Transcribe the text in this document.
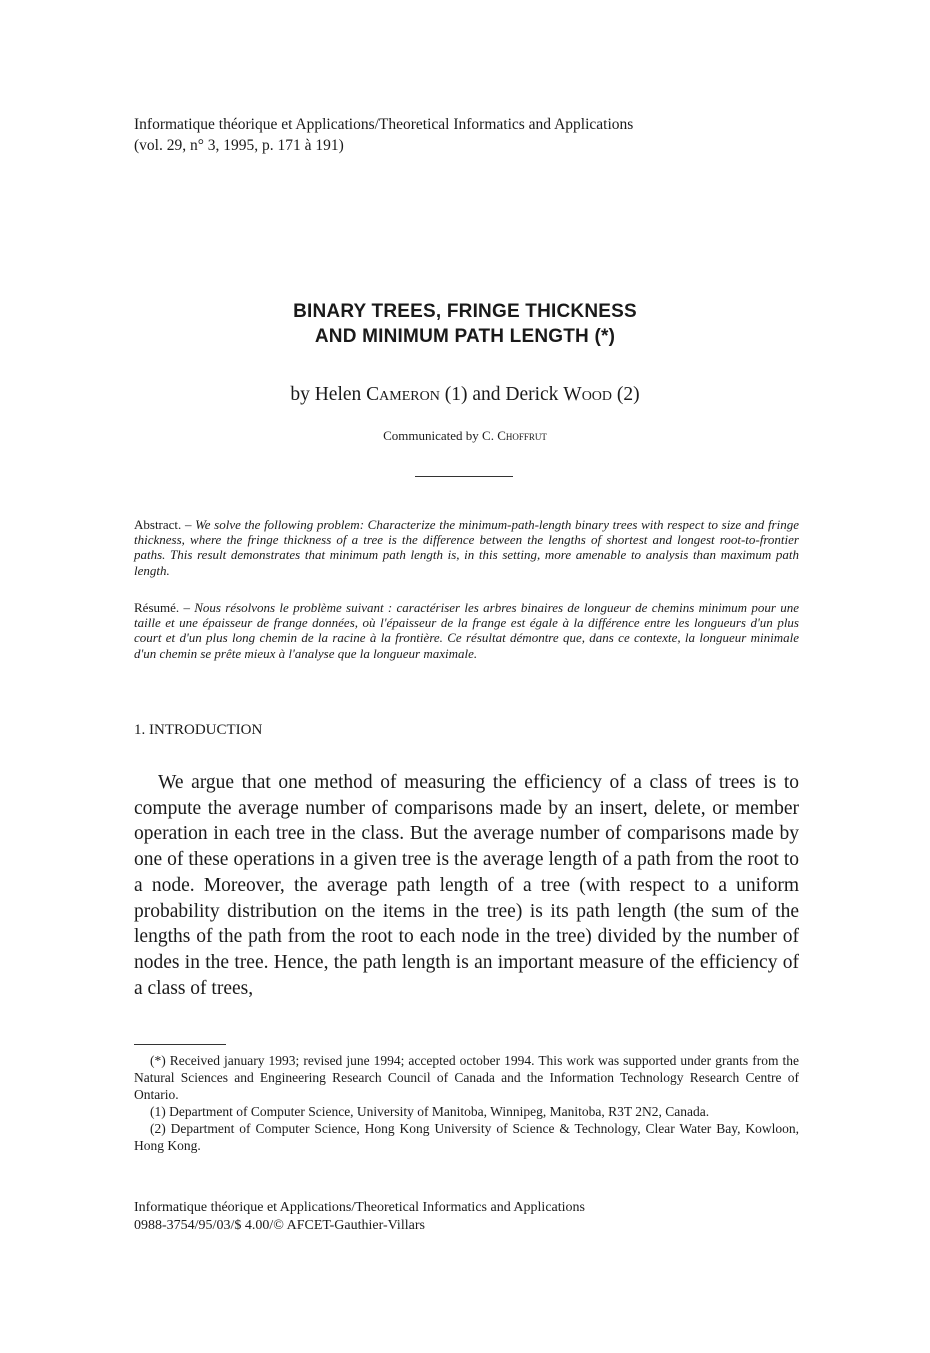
Informatique théorique et Applications/Theoretical Informatics and Applications
(vol. 29, n° 3, 1995, p. 171 à 191)
BINARY TREES, FRINGE THICKNESS
AND MINIMUM PATH LENGTH (*)
by Helen Cameron (1) and Derick Wood (2)
Communicated by C. Choffrut
Abstract. – We solve the following problem: Characterize the minimum-path-length binary trees with respect to size and fringe thickness, where the fringe thickness of a tree is the difference between the lengths of shortest and longest root-to-frontier paths. This result demonstrates that minimum path length is, in this setting, more amenable to analysis than maximum path length.
Résumé. – Nous résolvons le problème suivant : caractériser les arbres binaires de longueur de chemins minimum pour une taille et une épaisseur de frange données, où l'épaisseur de la frange est égale à la différence entre les longueurs d'un plus court et d'un plus long chemin de la racine à la frontière. Ce résultat démontre que, dans ce contexte, la longueur minimale d'un chemin se prête mieux à l'analyse que la longueur maximale.
1. INTRODUCTION
We argue that one method of measuring the efficiency of a class of trees is to compute the average number of comparisons made by an insert, delete, or member operation in each tree in the class. But the average number of comparisons made by one of these operations in a given tree is the average length of a path from the root to a node. Moreover, the average path length of a tree (with respect to a uniform probability distribution on the items in the tree) is its path length (the sum of the lengths of the path from the root to each node in the tree) divided by the number of nodes in the tree. Hence, the path length is an important measure of the efficiency of a class of trees,

(*) Received january 1993; revised june 1994; accepted october 1994. This work was supported under grants from the Natural Sciences and Engineering Research Council of Canada and the Information Technology Research Centre of Ontario.

(1) Department of Computer Science, University of Manitoba, Winnipeg, Manitoba, R3T 2N2, Canada.

(2) Department of Computer Science, Hong Kong University of Science & Technology, Clear Water Bay, Kowloon, Hong Kong.

Informatique théorique et Applications/Theoretical Informatics and Applications
0988-3754/95/03/$ 4.00/© AFCET-Gauthier-Villars
